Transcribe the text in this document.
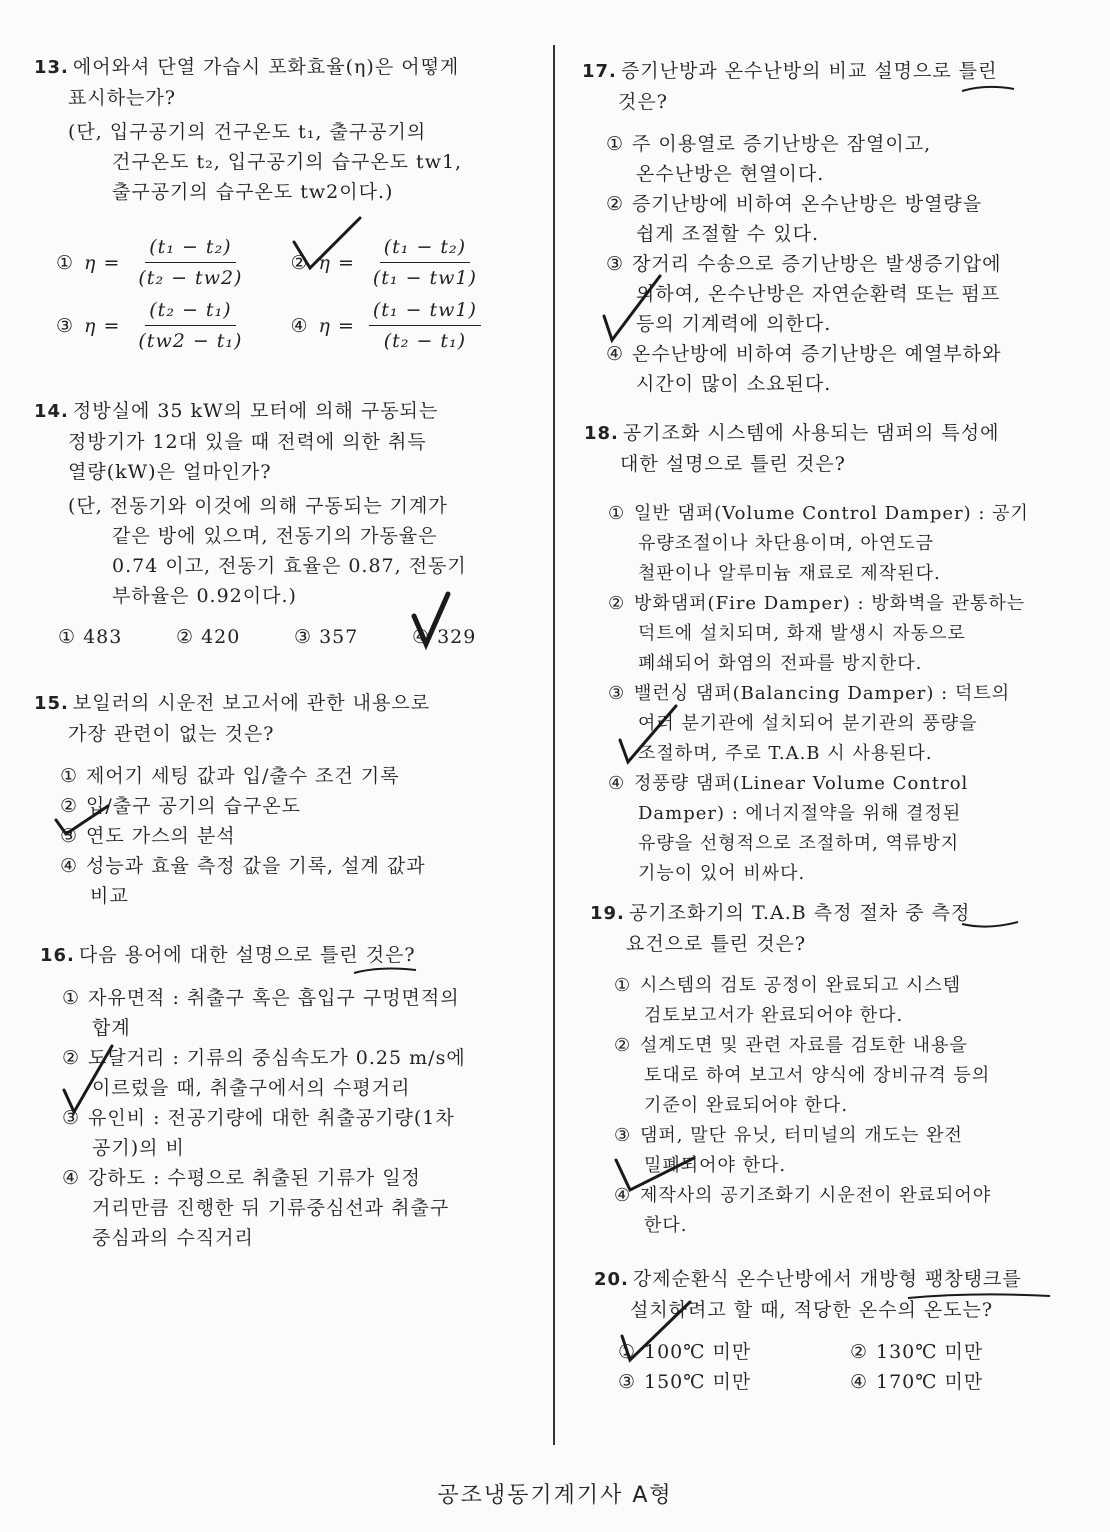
13. 에어와셔 단열 가습시 포화효율(η)은 어떻게
표시하는가?
(단, 입구공기의 건구온도 t₁, 출구공기의
건구온도 t₂, 입구공기의 습구온도 tw1,
출구공기의 습구온도 tw2이다.)
① $\eta = \frac{\text{(t₁ − t₂)}}{\text{(t₂ − tw2)}}$ ② $\eta = \frac{\text{(t₁ − t₂)}}{\text{(t₁ − tw1)}}$
③ $\eta = \frac{\text{(t₂ − t₁)}}{\text{(tw2 − t₁)}}$ ④ $\eta = \frac{\text{(t₁ − tw1)}}{\text{(t₂ − t₁)}}$
14. 정방실에 35 kW의 모터에 의해 구동되는
정방기가 12대 있을 때 전력에 의한 취득
열량(kW)은 얼마인가?
(단, 전동기와 이것에 의해 구동되는 기계가
같은 방에 있으며, 전동기의 가동율은
0.74 이고, 전동기 효율은 0.87, 전동기
부하율은 0.92이다.)
① 483	② 420	③ 357	④ 329
15. 보일러의 시운전 보고서에 관한 내용으로
가장 관련이 없는 것은?
① 제어기 세팅 값과 입/출수 조건 기록
② 입/출구 공기의 습구온도
③ 연도 가스의 분석
④ 성능과 효율 측정 값을 기록, 설계 값과
비교
16. 다음 용어에 대한 설명으로 틀린 것은?
① 자유면적 : 취출구 혹은 흡입구 구멍면적의
합계
② 도달거리 : 기류의 중심속도가 0.25 m/s에
이르렀을 때, 취출구에서의 수평거리
③ 유인비 : 전공기량에 대한 취출공기량(1차
공기)의 비
④ 강하도 : 수평으로 취출된 기류가 일정
거리만큼 진행한 뒤 기류중심선과 취출구
중심과의 수직거리
17. 증기난방과 온수난방의 비교 설명으로 틀린
것은?
① 주 이용열로 증기난방은 잠열이고,
온수난방은 현열이다.
② 증기난방에 비하여 온수난방은 방열량을
쉽게 조절할 수 있다.
③ 장거리 수송으로 증기난방은 발생증기압에
의하여, 온수난방은 자연순환력 또는 펌프
등의 기계력에 의한다.
④ 온수난방에 비하여 증기난방은 예열부하와
시간이 많이 소요된다.
18. 공기조화 시스템에 사용되는 댐퍼의 특성에
대한 설명으로 틀린 것은?
① 일반 댐퍼(Volume Control Damper) : 공기
유량조절이나 차단용이며, 아연도금
철판이나 알루미늄 재료로 제작된다.
② 방화댐퍼(Fire Damper) : 방화벽을 관통하는
덕트에 설치되며, 화재 발생시 자동으로
폐쇄되어 화염의 전파를 방지한다.
③ 밸런싱 댐퍼(Balancing Damper) : 덕트의
여러 분기관에 설치되어 분기관의 풍량을
조절하며, 주로 T.A.B 시 사용된다.
④ 정풍량 댐퍼(Linear Volume Control
Damper) : 에너지절약을 위해 결정된
유량을 선형적으로 조절하며, 역류방지
기능이 있어 비싸다.
19. 공기조화기의 T.A.B 측정 절차 중 측정
요건으로 틀린 것은?
① 시스템의 검토 공정이 완료되고 시스템
검토보고서가 완료되어야 한다.
② 설계도면 및 관련 자료를 검토한 내용을
토대로 하여 보고서 양식에 장비규격 등의
기준이 완료되어야 한다.
③ 댐퍼, 말단 유닛, 터미널의 개도는 완전
밀폐되어야 한다.
④ 제작사의 공기조화기 시운전이 완료되어야
한다.
20. 강제순환식 온수난방에서 개방형 팽창탱크를
설치하려고 할 때, 적당한 온수의 온도는?
① 100℃ 미만	② 130℃ 미만
③ 150℃ 미만	④ 170℃ 미만
공조냉동기계기사 A형
